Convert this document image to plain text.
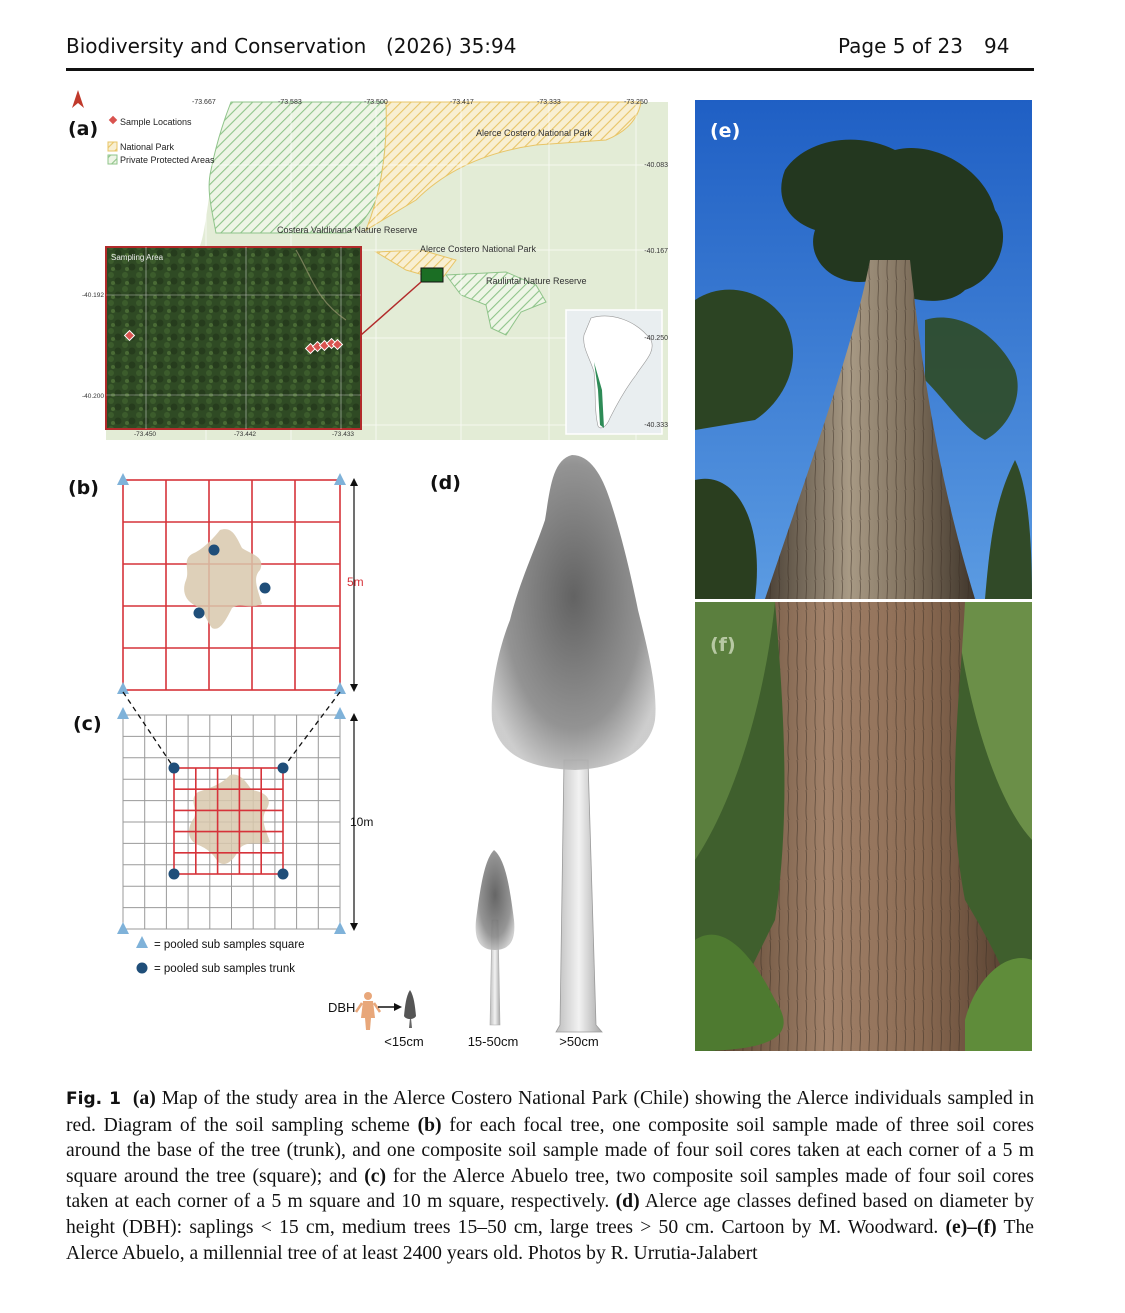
Biodiversity and Conservation (2026) 35:94	Page 5 of 23 94
Sample Locations
National Park
Private Protected Areas
-73.667	-73.583	-73.500	-73.417	-73.333	-73.250
-40.083
-40.167
-40.250
-40.333
Alerce Costero National Park
Costera Valdiviana Nature Reserve
Alerce Costero National Park
Raulintal Nature Reserve
Sampling Area
-40.192
-40.200
-73.450	-73.442	-73.433
(a)
5m
10m
= pooled sub samples square
= pooled sub samples trunk
(b)
(c)
DBH
<15cm	15-50cm	>50cm
(d)
(e)
(f)
Fig. 1 (a) Map of the study area in the Alerce Costero National Park (Chile) showing the Alerce individuals sampled in red. Diagram of the soil sampling scheme (b) for each focal tree, one composite soil sample made of three soil cores around the base of the tree (trunk), and one composite soil sample made of four soil cores taken at each corner of a 5 m square around the tree (square); and (c) for the Alerce Abuelo tree, two composite soil samples made of four soil cores taken at each corner of a 5 m square and 10 m square, respectively. (d) Alerce age classes defined based on diameter by height (DBH): saplings < 15 cm, medium trees 15–50 cm, large trees > 50 cm. Cartoon by M. Woodward. (e)–(f) The Alerce Abuelo, a millennial tree of at least 2400 years old. Photos by R. Urrutia-Jalabert
